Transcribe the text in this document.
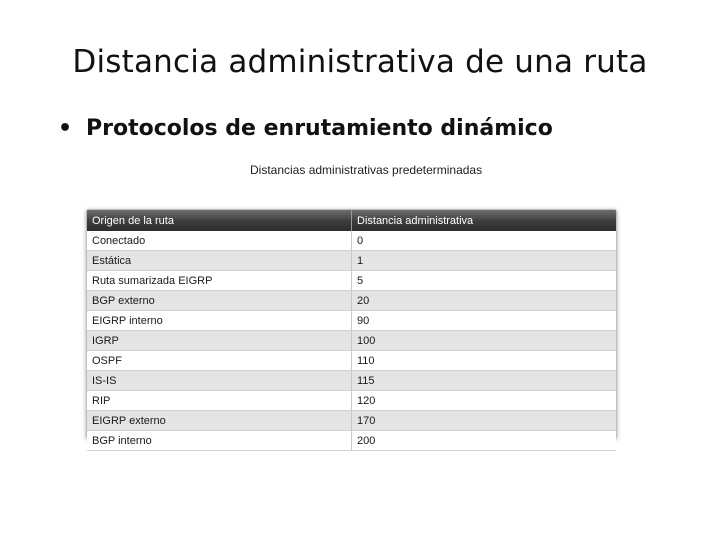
Distancia administrativa de una ruta
• Protocolos de enrutamiento dinámico
Distancias administrativas predeterminadas
Origen de la ruta	Distancia administrativa
Conectado	0
Estática	1
Ruta sumarizada EIGRP	5
BGP externo	20
EIGRP interno	90
IGRP	100
OSPF	110
IS-IS	115
RIP	120
EIGRP externo	170
BGP interno	200
